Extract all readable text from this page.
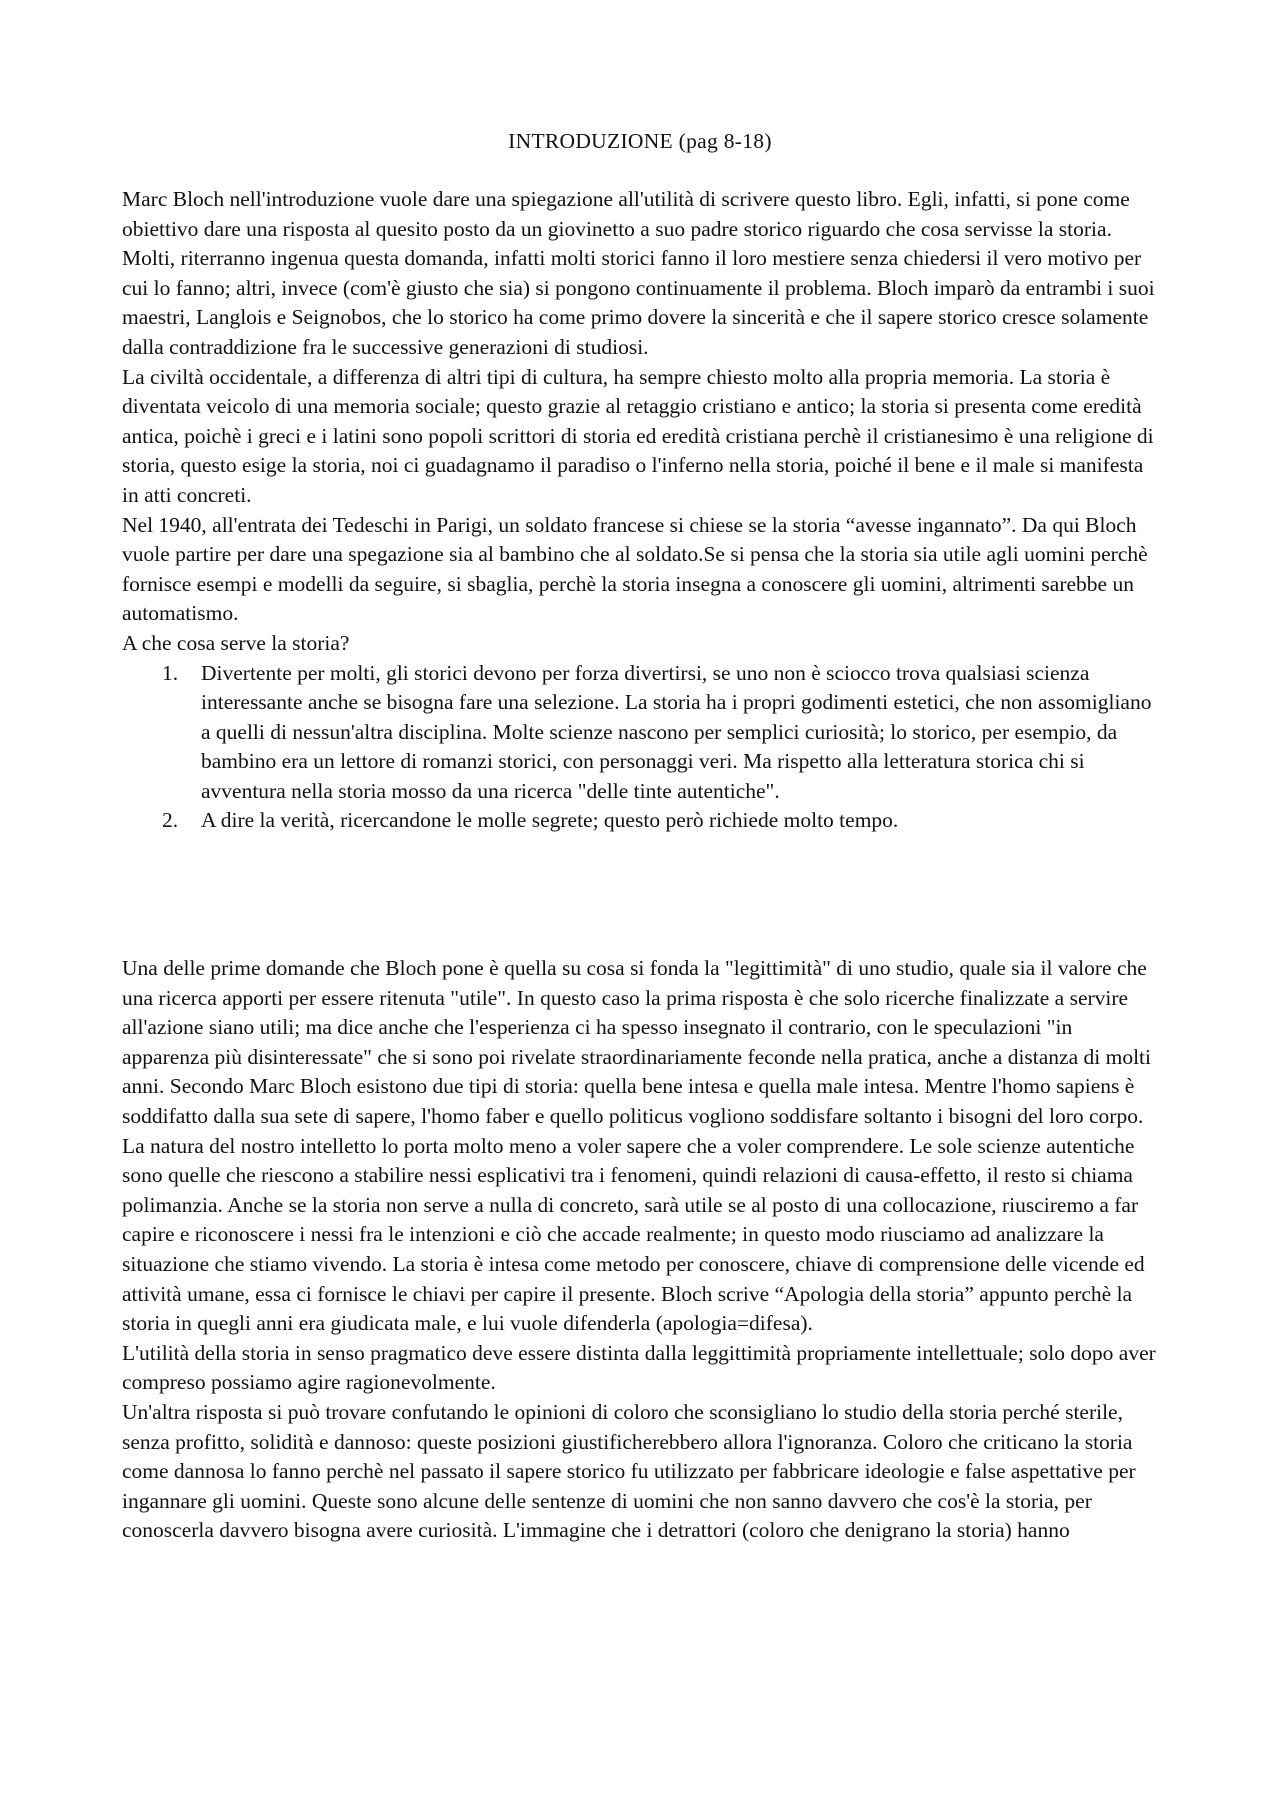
INTRODUZIONE (pag 8-18)

Marc Bloch nell'introduzione vuole dare una spiegazione all'utilità di scrivere questo libro. Egli, infatti, si pone come obiettivo dare una risposta al quesito posto da un giovinetto a suo padre storico riguardo che cosa servisse la storia. Molti, riterranno ingenua questa domanda, infatti molti storici fanno il loro mestiere senza chiedersi il vero motivo per cui lo fanno; altri, invece (com'è giusto che sia) si pongono continuamente il problema. Bloch imparò da entrambi i suoi maestri, Langlois e Seignobos, che lo storico ha come primo dovere la sincerità e che il sapere storico cresce solamente dalla contraddizione fra le successive generazioni di studiosi.

La civiltà occidentale, a differenza di altri tipi di cultura, ha sempre chiesto molto alla propria memoria. La storia è diventata veicolo di una memoria sociale; questo grazie al retaggio cristiano e antico; la storia si presenta come eredità antica, poichè i greci e i latini sono popoli scrittori di storia ed eredità cristiana perchè il cristianesimo è una religione di storia, questo esige la storia, noi ci guadagnamo il paradiso o l'inferno nella storia, poiché il bene e il male si manifesta in atti concreti.

Nel 1940, all'entrata dei Tedeschi in Parigi, un soldato francese si chiese se la storia “avesse ingannato”. Da qui Bloch vuole partire per dare una spegazione sia al bambino che al soldato.Se si pensa che la storia sia utile agli uomini perchè fornisce esempi e modelli da seguire, si sbaglia, perchè la storia insegna a conoscere gli uomini, altrimenti sarebbe un automatismo.

A che cosa serve la storia?

1. Divertente per molti, gli storici devono per forza divertirsi, se uno non è sciocco trova qualsiasi scienza interessante anche se bisogna fare una selezione. La storia ha i propri godimenti estetici, che non assomigliano a quelli di nessun'altra disciplina. Molte scienze nascono per semplici curiosità; lo storico, per esempio, da bambino era un lettore di romanzi storici, con personaggi veri. Ma rispetto alla letteratura storica chi si avventura nella storia mosso da una ricerca "delle tinte autentiche".
2. A dire la verità, ricercandone le molle segrete; questo però richiede molto tempo.

Una delle prime domande che Bloch pone è quella su cosa si fonda la "legittimità" di uno studio, quale sia il valore che una ricerca apporti per essere ritenuta "utile". In questo caso la prima risposta è che solo ricerche finalizzate a servire all'azione siano utili; ma dice anche che l'esperienza ci ha spesso insegnato il contrario, con le speculazioni "in apparenza più disinteressate" che si sono poi rivelate straordinariamente feconde nella pratica, anche a distanza di molti anni. Secondo Marc Bloch esistono due tipi di storia: quella bene intesa e quella male intesa. Mentre l'homo sapiens è soddifatto dalla sua sete di sapere, l'homo faber e quello politicus vogliono soddisfare soltanto i bisogni del loro corpo. La natura del nostro intelletto lo porta molto meno a voler sapere che a voler comprendere. Le sole scienze autentiche sono quelle che riescono a stabilire nessi esplicativi tra i fenomeni, quindi relazioni di causa-effetto, il resto si chiama polimanzia. Anche se la storia non serve a nulla di concreto, sarà utile se al posto di una collocazione, riusciremo a far capire e riconoscere i nessi fra le intenzioni e ciò che accade realmente; in questo modo riusciamo ad analizzare la situazione che stiamo vivendo. La storia è intesa come metodo per conoscere, chiave di comprensione delle vicende ed attività umane, essa ci fornisce le chiavi per capire il presente. Bloch scrive “Apologia della storia” appunto perchè la storia in quegli anni era giudicata male, e lui vuole difenderla (apologia=difesa).

L'utilità della storia in senso pragmatico deve essere distinta dalla leggittimità propriamente intellettuale; solo dopo aver compreso possiamo agire ragionevolmente.

Un'altra risposta si può trovare confutando le opinioni di coloro che sconsigliano lo studio della storia perché sterile, senza profitto, solidità e dannoso: queste posizioni giustificherebbero allora l'ignoranza. Coloro che criticano la storia come dannosa lo fanno perchè nel passato il sapere storico fu utilizzato per fabbricare ideologie e false aspettative per ingannare gli uomini. Queste sono alcune delle sentenze di uomini che non sanno davvero che cos'è la storia, per conoscerla davvero bisogna avere curiosità. L'immagine che i detrattori (coloro che denigrano la storia) hanno
